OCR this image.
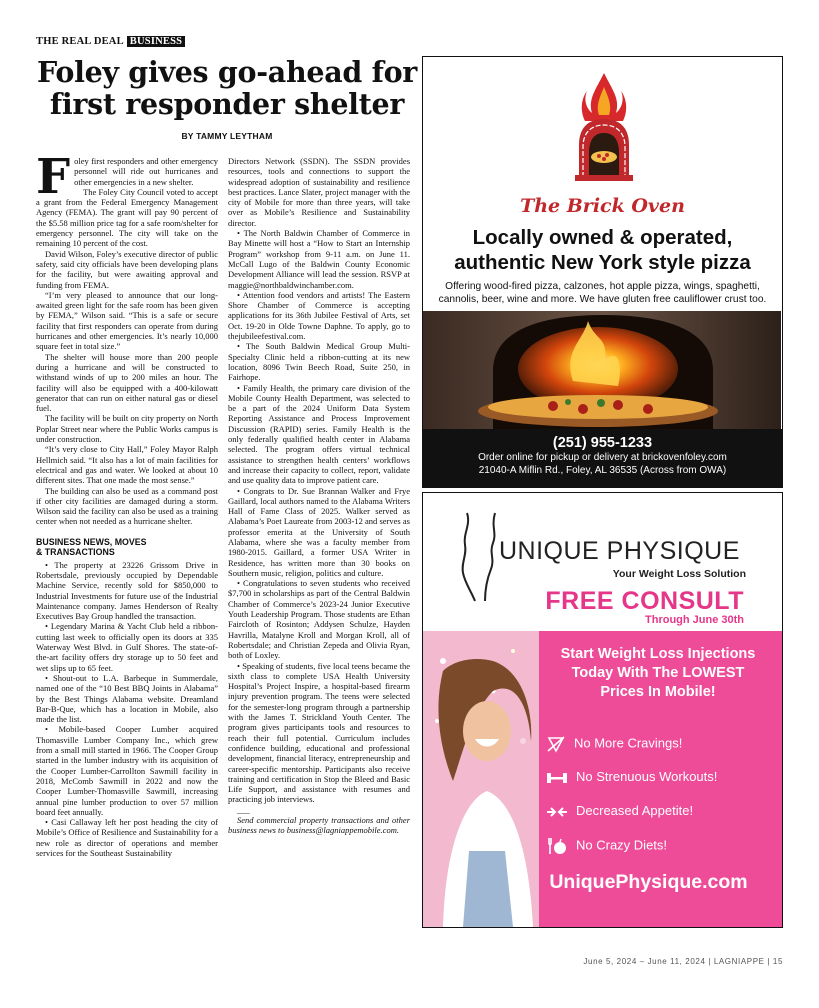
THE REAL DEAL BUSINESS
Foley gives go-ahead for first responder shelter
BY TAMMY LEYTHAM
F oley first responders and other emergency personnel will ride out hurricanes and other emergencies in a new shelter.

The Foley City Council voted to accept a grant from the Federal Emergency Management Agency (FEMA). The grant will pay 90 percent of the $5.58 million price tag for a safe room/shelter for emergency personnel. The city will take on the remaining 10 percent of the cost.

David Wilson, Foley’s executive director of public safety, said city officials have been developing plans for the facility, but were awaiting approval and funding from FEMA.

“I’m very pleased to announce that our long-awaited green light for the safe room has been given by FEMA,” Wilson said. “This is a safe or secure facility that first responders can operate from during hurricanes and other emergencies. It’s nearly 10,000 square feet in total size.”

The shelter will house more than 200 people during a hurricane and will be constructed to withstand winds of up to 200 miles an hour. The facility will also be equipped with a 400-kilowatt generator that can run on either natural gas or diesel fuel.

The facility will be built on city property on North Poplar Street near where the Public Works campus is under construction.

“It’s very close to City Hall,” Foley Mayor Ralph Hellmich said. “It also has a lot of main facilities for electrical and gas and water. We looked at about 10 different sites. That one made the most sense.”

The building can also be used as a command post if other city facilities are damaged during a storm. Wilson said the facility can also be used as a training center when not needed as a hurricane shelter.

BUSINESS NEWS, MOVES
& TRANSACTIONS

• The property at 23226 Grissom Drive in Robertsdale, previously occupied by Dependable Machine Service, recently sold for $850,000 to Industrial Investments for future use of the Industrial Maintenance company. James Henderson of Realty Executives Bay Group handled the transaction.

• Legendary Marina & Yacht Club held a ribbon-cutting last week to officially open its doors at 335 Waterway West Blvd. in Gulf Shores. The state-of-the-art facility offers dry storage up to 50 feet and wet slips up to 65 feet.

• Shout-out to L.A. Barbeque in Summerdale, named one of the “10 Best BBQ Joints in Alabama” by the Best Things Alabama website. Dreamland Bar-B-Que, which has a location in Mobile, also made the list.

• Mobile-based Cooper Lumber acquired Thomasville Lumber Company Inc., which grew from a small mill started in 1966. The Cooper Group started in the lumber industry with its acquisition of the Cooper Lumber-Carrollton Sawmill facility in 2018, McComb Sawmill in 2022 and now the Cooper Lumber-Thomasville Sawmill, increasing annual pine lumber production to over 57 million board feet annually.

• Casi Callaway left her post heading the city of Mobile’s Office of Resilience and Sustainability for a new role as director of operations and member services for the Southeast Sustainability

Directors Network (SSDN). The SSDN provides resources, tools and connections to support the widespread adoption of sustainability and resilience best practices. Lance Slater, project manager with the city of Mobile for more than three years, will take over as Mobile’s Resilience and Sustainability director.

• The North Baldwin Chamber of Commerce in Bay Minette will host a “How to Start an Internship Program” workshop from 9-11 a.m. on June 11. McCall Lugo of the Baldwin County Economic Development Alliance will lead the session. RSVP at maggie@northbaldwinchamber.com.

• Attention food vendors and artists! The Eastern Shore Chamber of Commerce is accepting applications for its 36th Jubilee Festival of Arts, set Oct. 19-20 in Olde Towne Daphne. To apply, go to thejubileefestival.com.

• The South Baldwin Medical Group Multi-Specialty Clinic held a ribbon-cutting at its new location, 8096 Twin Beech Road, Suite 250, in Fairhope.

• Family Health, the primary care division of the Mobile County Health Department, was selected to be a part of the 2024 Uniform Data System Reporting Assistance and Process Improvement Discussion (RAPID) series. Family Health is the only federally qualified health center in Alabama selected. The program offers virtual technical assistance to strengthen health centers’ workflows and increase their capacity to collect, report, validate and use quality data to improve patient care.

• Congrats to Dr. Sue Brannan Walker and Frye Gaillard, local authors named to the Alabama Writers Hall of Fame Class of 2025. Walker served as Alabama’s Poet Laureate from 2003-12 and serves as professor emerita at the University of South Alabama, where she was a faculty member from 1980-2015. Gaillard, a former USA Writer in Residence, has written more than 30 books on Southern music, religion, politics and culture.

• Congratulations to seven students who received $7,700 in scholarships as part of the Central Baldwin Chamber of Commerce’s 2023-24 Junior Executive Youth Leadership Program. Those students are Ethan Faircloth of Rosinton; Addysen Schulze, Hayden Havrilla, Matalyne Kroll and Morgan Kroll, all of Robertsdale; and Christian Zepeda and Olivia Ryan, both of Loxley.

• Speaking of students, five local teens became the sixth class to complete USA Health University Hospital’s Project Inspire, a hospital-based firearm injury prevention program. The teens were selected for the semester-long program through a partnership with the James T. Strickland Youth Center. The program gives participants tools and resources to reach their full potential. Curriculum includes confidence building, educational and professional development, financial literacy, entrepreneurship and career-specific mentorship. Participants also receive training and certification in Stop the Bleed and Basic Life Support, and assistance with resumes and practicing job interviews.

___

Send commercial property transactions and other business news to business@lagniappemobile.com.

The Brick Oven
Locally owned & operated,
authentic New York style pizza
Offering wood-fired pizza, calzones, hot apple pizza, wings, spaghetti, cannolis, beer, wine and more. We have gluten free cauliflower crust too.
(251) 955-1233
Order online for pickup or delivery at brickovenfoley.com
21040-A Miflin Rd., Foley, AL 36535 (Across from OWA)
UNIQUE PHYSIQUE
Your Weight Loss Solution
FREE CONSULT
Through June 30th
Start Weight Loss Injections Today With The LOWEST Prices In Mobile!
No More Cravings!
No Strenuous Workouts!
Decreased Appetite!
No Crazy Diets!
UniquePhysique.com
June 5, 2024 – June 11, 2024 | LAGNIAPPE | 15
